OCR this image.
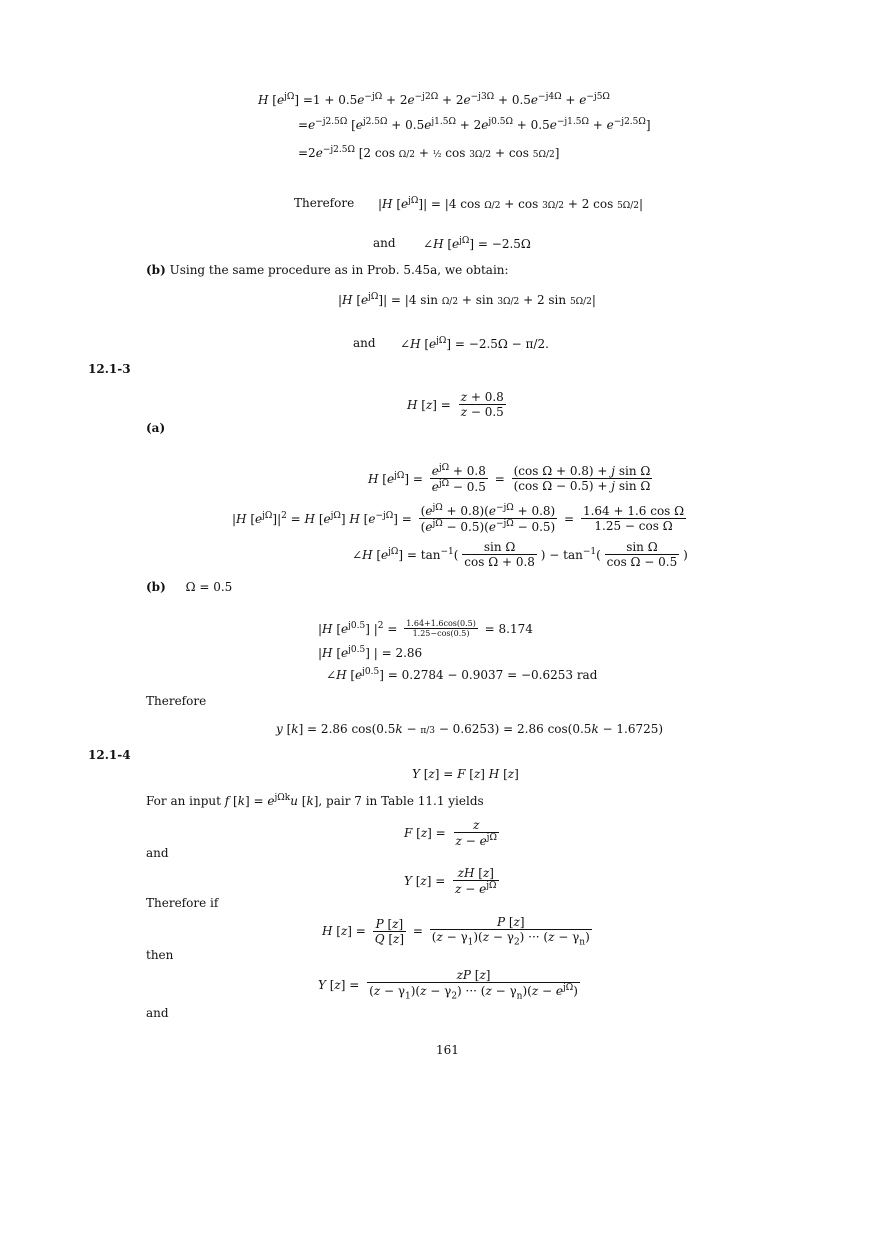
H $[e^{j\Omega}] =1 + 0.5e^{-j\Omega} + 2e^{-j2\Omega} + 2e^{-j3\Omega} + 0.5e^{-j4\Omega} + e^{-j5\Omega}$
$=e^{-j2.5\Omega}$ $[e^{j2.5\Omega} + 0.5e^{j1.5\Omega} + 2e^{j0.5\Omega} + 0.5e^{-j1.5\Omega} + e^{-j2.5\Omega}]$
$=2e^{-j2.5\Omega}$ [2 cos Ω/2 + ½ cos 3Ω/2 + cos 5Ω/2]
Therefore |H $[e^{j\Omega}]| = |4$ cos Ω/2 + cos 3Ω/2 + 2 cos 5Ω/2|
and ∠H $[e^{j\Omega}] = -2.5\Omega$
(b) Using the same procedure as in Prob. 5.45a, we obtain:
|H $[e^{j\Omega}]| = |4$ sin Ω/2 + sin 3Ω/2 + 2 sin 5Ω/2|
and ∠H $[e^{j\Omega}] = -2.5\Omega - \pi/2$.
12.1-3
H $[z] = \frac{z + 0.8}{z - 0.5}$
(a)
H $[e^{j\Omega}]$ =
$e^{j\Omega} + 0.8$
$e^{j\Omega} - 0.5$
= $\frac{\text{(cos Ω + 0.8) + j sin Ω}}{\text{(cos Ω − 0.5) + j sin Ω}}$
|H $[e^{j\Omega}]|^2 = H$ $[e^{j\Omega}]$ H $[e^{-j\Omega}]$ =
$(e^{j\Omega} + 0.8)(e^{-j\Omega} + 0.8)$
$(e^{j\Omega} - 0.5)(e^{-j\Omega} - 0.5)$
= $\frac{\text{1.64 + 1.6 cos Ω}}{\text{1.25 − cos Ω}}$
∠H $[e^{j\Omega}] = \tan^{-1}( \frac{\text{sin Ω}}{\text{cos Ω + 0.8}}$ ) − $\tan^{-1}( \frac{\text{sin Ω}}{\text{cos Ω − 0.5}}$ )
(b) Ω = 0.5
|H $[e^{j0.5}] |^2 = \frac{1.64+1.6\cos(0.5)}{1.25-\cos(0.5)} = 8.174$
|H $[e^{j0.5}]$ | = 2.86
∠H $[e^{j0.5}] = 0.2784 - 0.9037 = -0.6253$ rad
Therefore
y [k] = 2.86 cos(0.5k − π/3 − 0.6253) = 2.86 cos(0.5k − 1.6725)
12.1-4
Y [z] = F [z] H [z]
For an input f $[k] = e^{j\Omega k}u$ [k], pair 7 in Table 11.1 yields
F [z] =
z
$z - e^{j\Omega}$
and
Y [z] =
zH [z]
$z - e^{j\Omega}$
Therefore if
H $[z] = \frac{P [z]}{Q [z]} = \frac{P [z]}{(z - \gamma_1)(z - \gamma_2) \cdot\cdot\cdot (z - \gamma_n)}$
then
Y [z] =
zP [z]
$(z - \gamma_1)(z - \gamma_2)$ ··· $(z - \gamma_n)(z - e^{j\Omega})$
and
161
